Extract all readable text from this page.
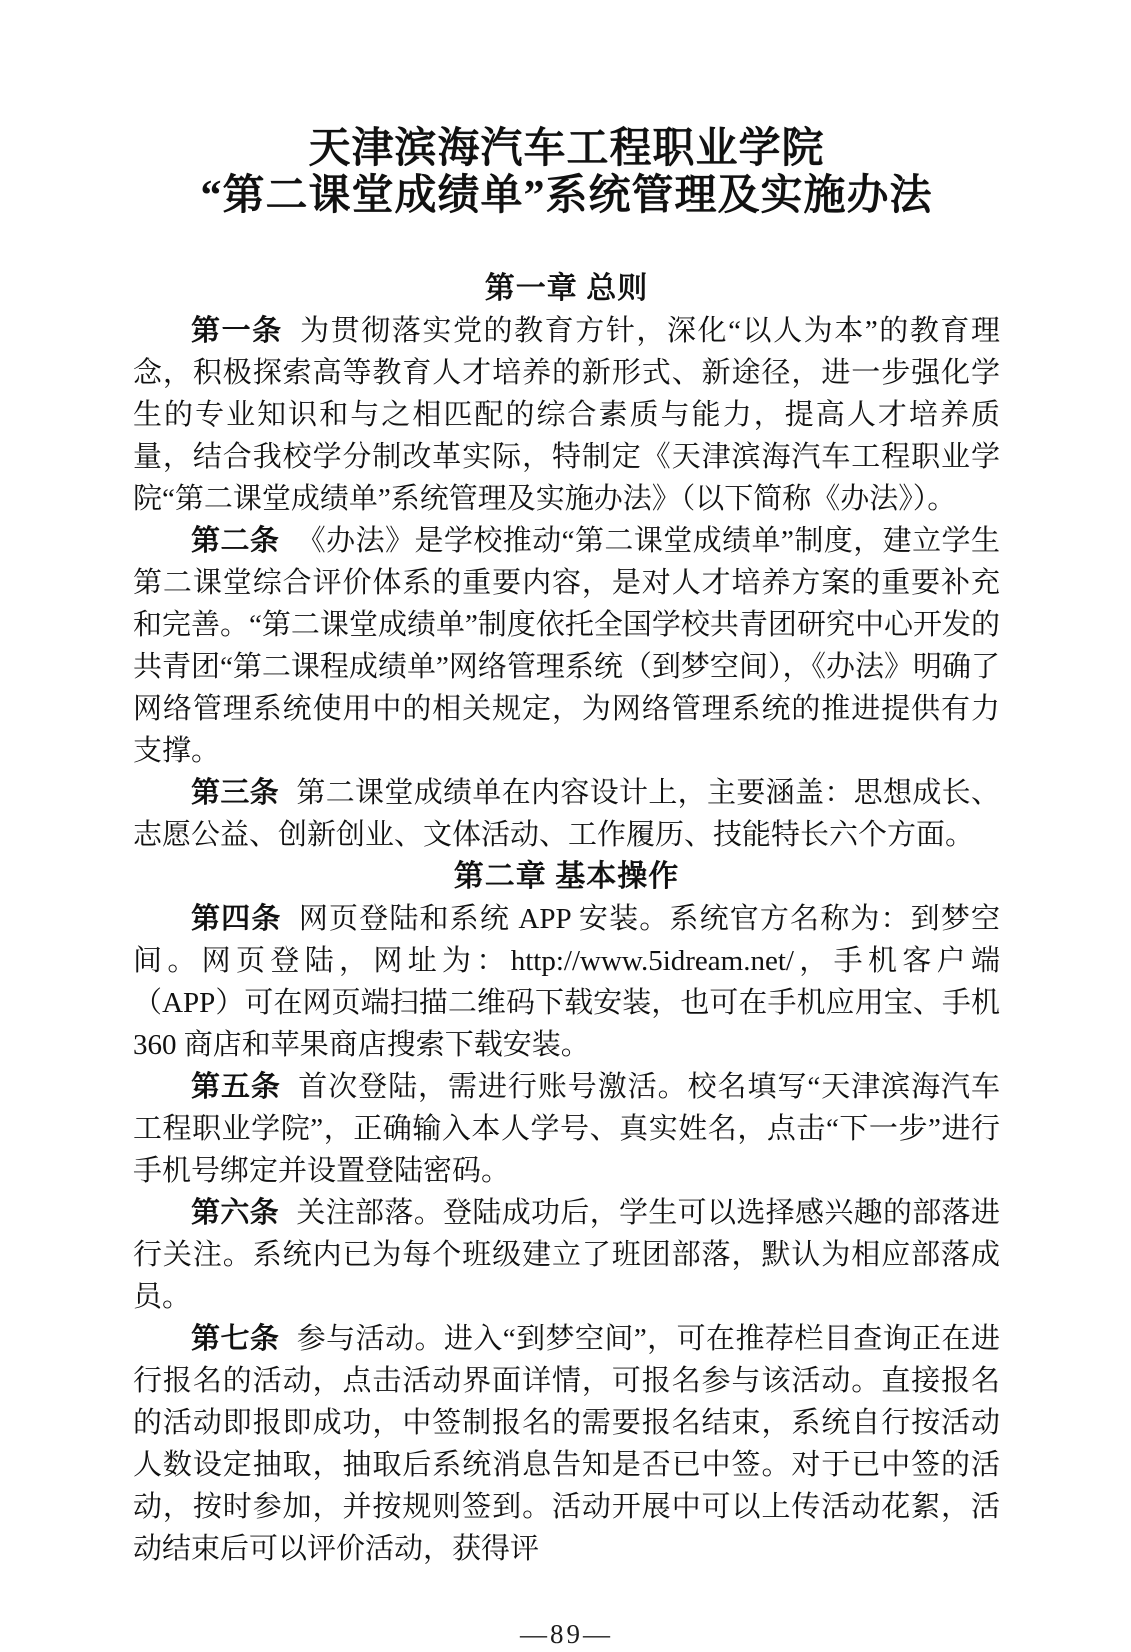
天津滨海汽车工程职业学院
“第二课堂成绩单”系统管理及实施办法
第一章 总则

第一条 为贯彻落实党的教育方针，深化“以人为本”的教育理念，积极探索高等教育人才培养的新形式、新途径，进一步强化学生的专业知识和与之相匹配的综合素质与能力，提高人才培养质量，结合我校学分制改革实际，特制定《天津滨海汽车工程职业学院“第二课堂成绩单”系统管理及实施办法》（以下简称《办法》）。

第二条 《办法》是学校推动“第二课堂成绩单”制度，建立学生第二课堂综合评价体系的重要内容，是对人才培养方案的重要补充和完善。“第二课堂成绩单”制度依托全国学校共青团研究中心开发的共青团“第二课程成绩单”网络管理系统（到梦空间），《办法》明确了网络管理系统使用中的相关规定，为网络管理系统的推进提供有力支撑。

第三条 第二课堂成绩单在内容设计上，主要涵盖：思想成长、志愿公益、创新创业、文体活动、工作履历、技能特长六个方面。

第二章 基本操作

第四条 网页登陆和系统 APP 安装。系统官方名称为：到梦空间。网页登陆，网址为：http://www.5idream.net/，手机客户端（APP）可在网页端扫描二维码下载安装，也可在手机应用宝、手机 360 商店和苹果商店搜索下载安装。

第五条 首次登陆，需进行账号激活。校名填写“天津滨海汽车工程职业学院”，正确输入本人学号、真实姓名，点击“下一步”进行手机号绑定并设置登陆密码。

第六条 关注部落。登陆成功后，学生可以选择感兴趣的部落进行关注。系统内已为每个班级建立了班团部落，默认为相应部落成员。

第七条 参与活动。进入“到梦空间”，可在推荐栏目查询正在进行报名的活动，点击活动界面详情，可报名参与该活动。直接报名的活动即报即成功，中签制报名的需要报名结束，系统自行按活动人数设定抽取，抽取后系统消息告知是否已中签。对于已中签的活动，按时参加，并按规则签到。活动开展中可以上传活动花絮，活动结束后可以评价活动，获得评

—89—
